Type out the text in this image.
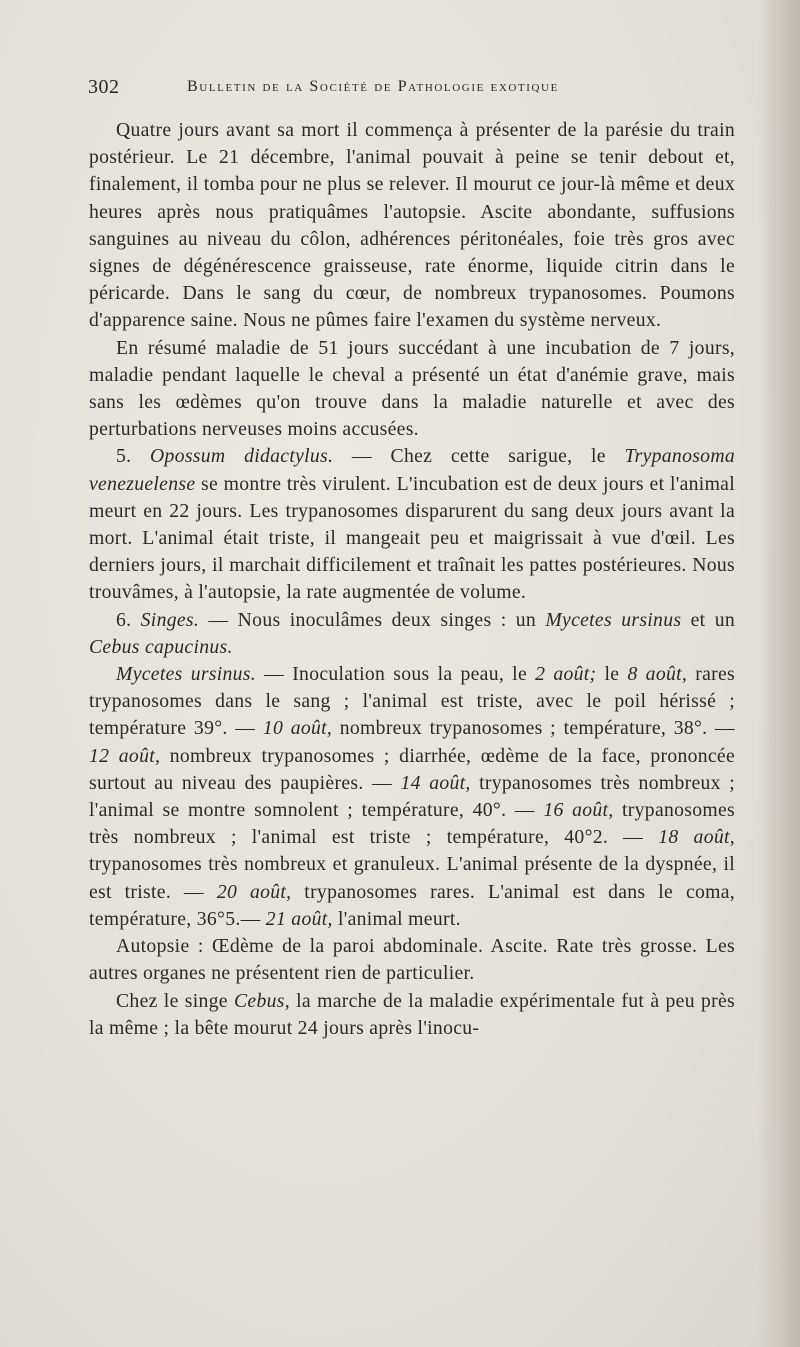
302	Bulletin de la Société de Pathologie exotique

Quatre jours avant sa mort il commença à présenter de la parésie du train postérieur. Le 21 décembre, l'animal pouvait à peine se tenir debout et, finalement, il tomba pour ne plus se relever. Il mourut ce jour-là même et deux heures après nous pratiquâmes l'autopsie. Ascite abondante, suffusions sanguines au niveau du côlon, adhérences péritonéales, foie très gros avec signes de dégénérescence graisseuse, rate énorme, liquide citrin dans le péricarde. Dans le sang du cœur, de nombreux trypanosomes. Poumons d'apparence saine. Nous ne pûmes faire l'examen du système nerveux.

En résumé maladie de 51 jours succédant à une incubation de 7 jours, maladie pendant laquelle le cheval a présenté un état d'anémie grave, mais sans les œdèmes qu'on trouve dans la maladie naturelle et avec des perturbations nerveuses moins accusées.

5. Opossum didactylus. — Chez cette sarigue, le Trypanosoma venezuelense se montre très virulent. L'incubation est de deux jours et l'animal meurt en 22 jours. Les trypanosomes disparurent du sang deux jours avant la mort. L'animal était triste, il mangeait peu et maigrissait à vue d'œil. Les derniers jours, il marchait difficilement et traînait les pattes postérieures. Nous trouvâmes, à l'autopsie, la rate augmentée de volume.

6. Singes. — Nous inoculâmes deux singes : un Mycetes ursinus et un Cebus capucinus.

Mycetes ursinus. — Inoculation sous la peau, le 2 août; le 8 août, rares trypanosomes dans le sang ; l'animal est triste, avec le poil hérissé ; température 39°. — 10 août, nombreux trypanosomes ; température, 38°. — 12 août, nombreux trypanosomes ; diarrhée, œdème de la face, prononcée surtout au niveau des paupières. — 14 août, trypanosomes très nombreux ; l'animal se montre somnolent ; température, 40°. — 16 août, trypanosomes très nombreux ; l'animal est triste ; température, 40°2. — 18 août, trypanosomes très nombreux et granuleux. L'animal présente de la dyspnée, il est triste. — 20 août, trypanosomes rares. L'animal est dans le coma, température, 36°5.— 21 août, l'animal meurt.

Autopsie : Œdème de la paroi abdominale. Ascite. Rate très grosse. Les autres organes ne présentent rien de particulier.

Chez le singe Cebus, la marche de la maladie expérimentale fut à peu près la même ; la bête mourut 24 jours après l'inocu-
